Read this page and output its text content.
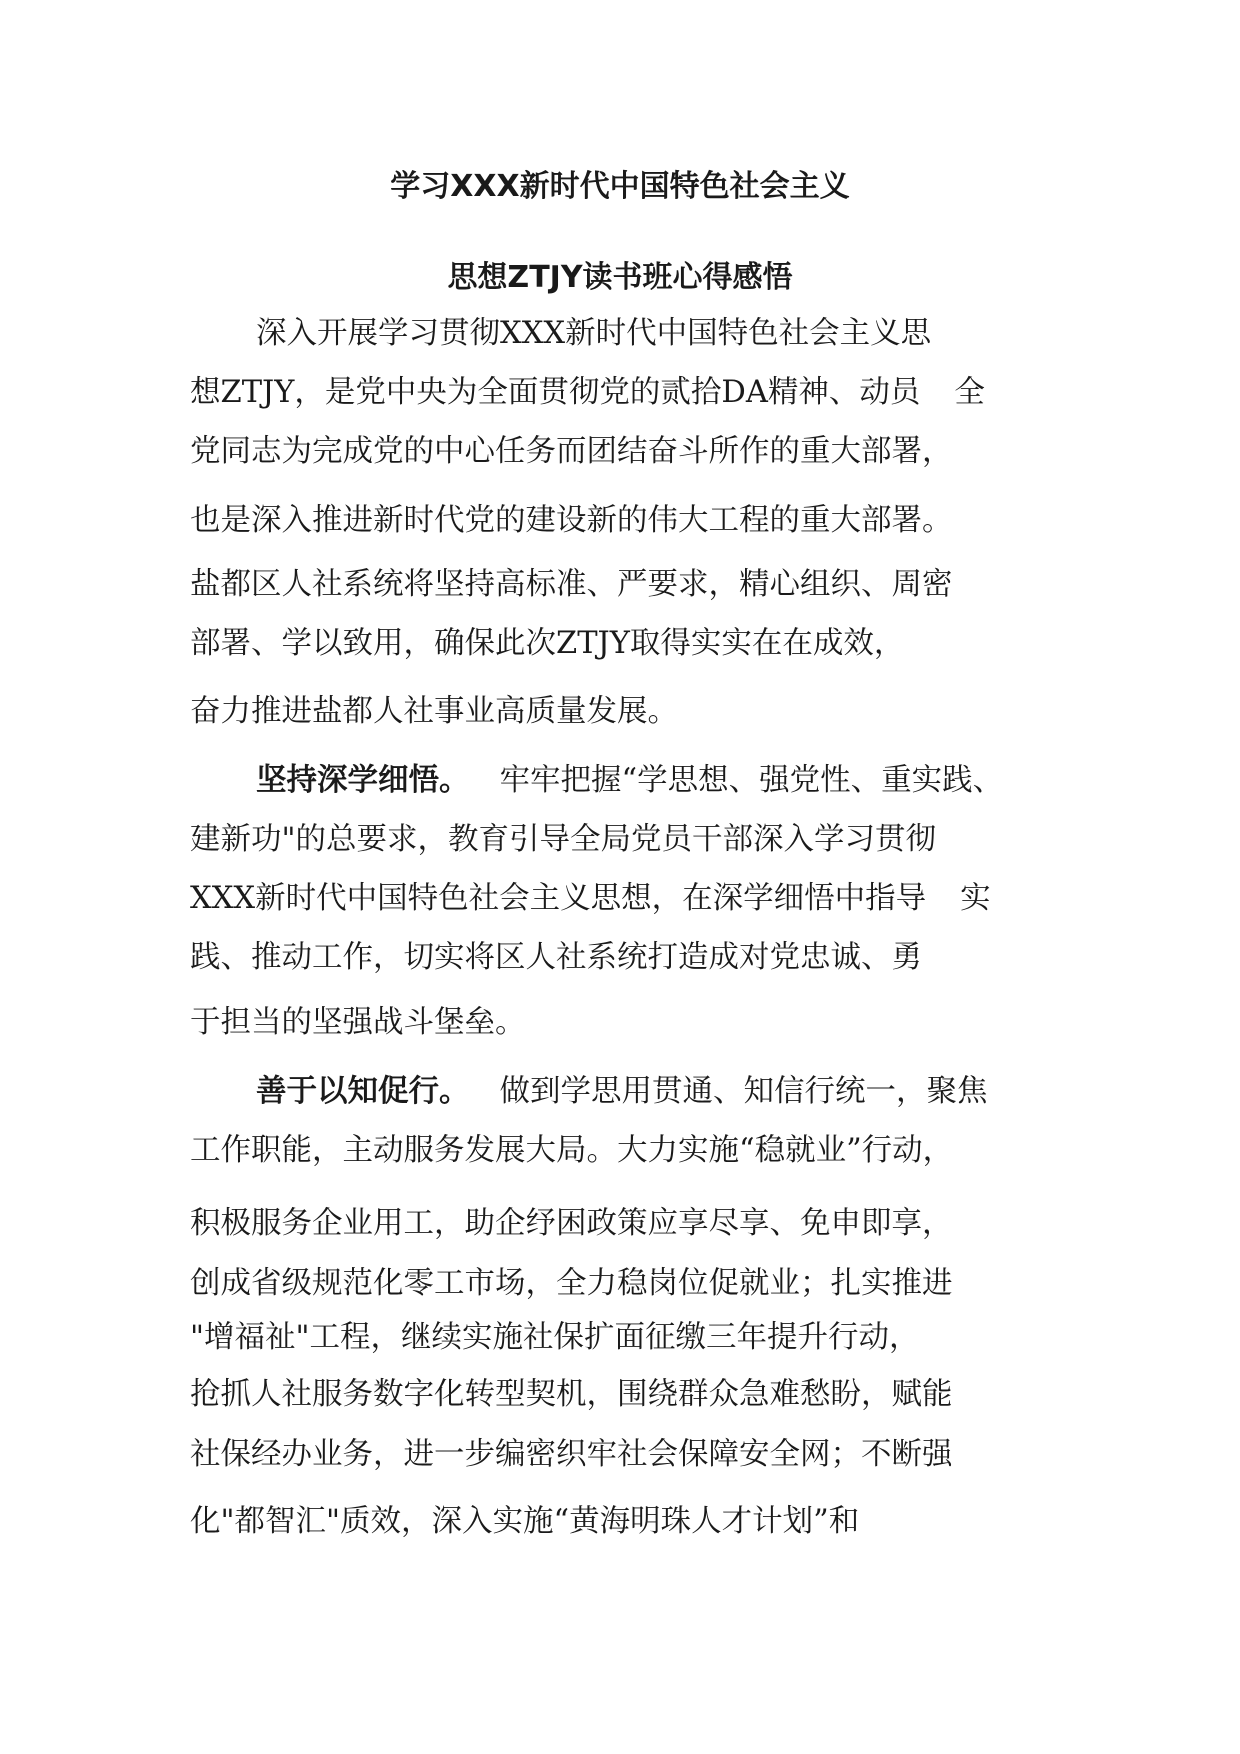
学习XXX新时代中国特色社会主义
思想ZTJY读书班心得感悟
深入开展学习贯彻XXX新时代中国特色社会主义思
想ZTJY，是党中央为全面贯彻党的贰拾DA精神、动员 全
党同志为完成党的中心任务而团结奋斗所作的重大部署，
也是深入推进新时代党的建设新的伟大工程的重大部署。
盐都区人社系统将坚持高标准、严要求，精心组织、周密
部署、学以致用，确保此次ZTJY取得实实在在成效，
奋力推进盐都人社事业高质量发展。
坚持深学细悟。 牢牢把握“学思想、强党性、重实践、
建新功"的总要求，教育引导全局党员干部深入学习贯彻
XXX新时代中国特色社会主义思想，在深学细悟中指导 实
践、推动工作，切实将区人社系统打造成对党忠诚、勇
于担当的坚强战斗堡垒。
善于以知促行。 做到学思用贯通、知信行统一，聚焦
工作职能，主动服务发展大局。大力实施“稳就业”行动，
积极服务企业用工，助企纾困政策应享尽享、免申即享，
创成省级规范化零工市场，全力稳岗位促就业；扎实推进
"增福祉"工程，继续实施社保扩面征缴三年提升行动，
抢抓人社服务数字化转型契机，围绕群众急难愁盼，赋能
社保经办业务，进一步编密织牢社会保障安全网；不断强
化"都智汇"质效，深入实施“黄海明珠人才计划”和
